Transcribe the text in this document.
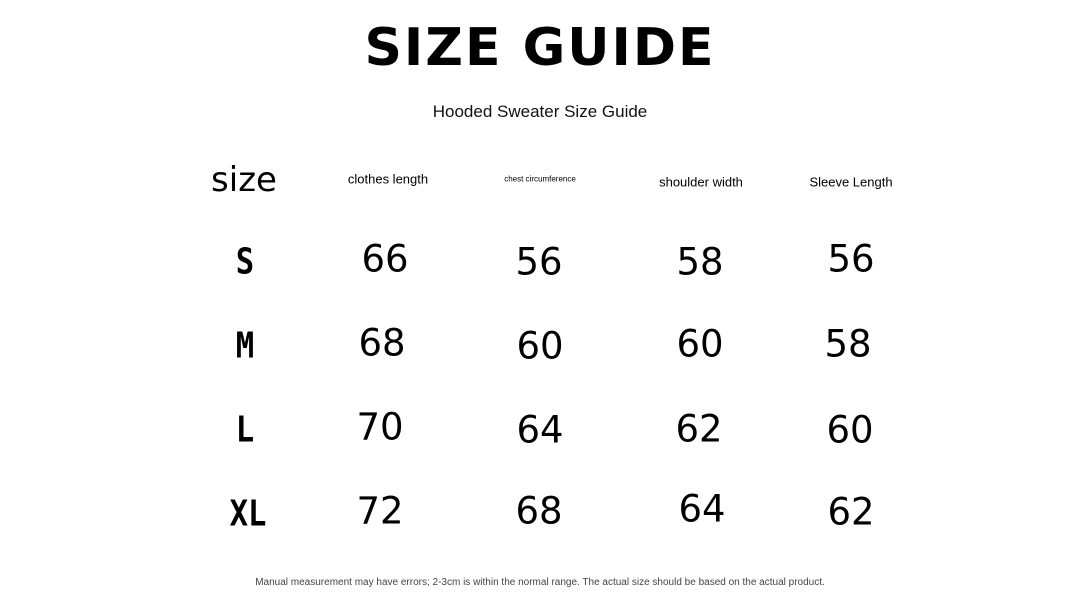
SIZE GUIDE
Hooded Sweater Size Guide
size	clothes length	chest circumference	shoulder width	Sleeve Length
S	66	56	58	56
M	68	60	60	58
L	70	64	62	60
XL 72	68	64	62
Manual measurement may have errors; 2-3cm is within the normal range. The actual size should be based on the actual product.
